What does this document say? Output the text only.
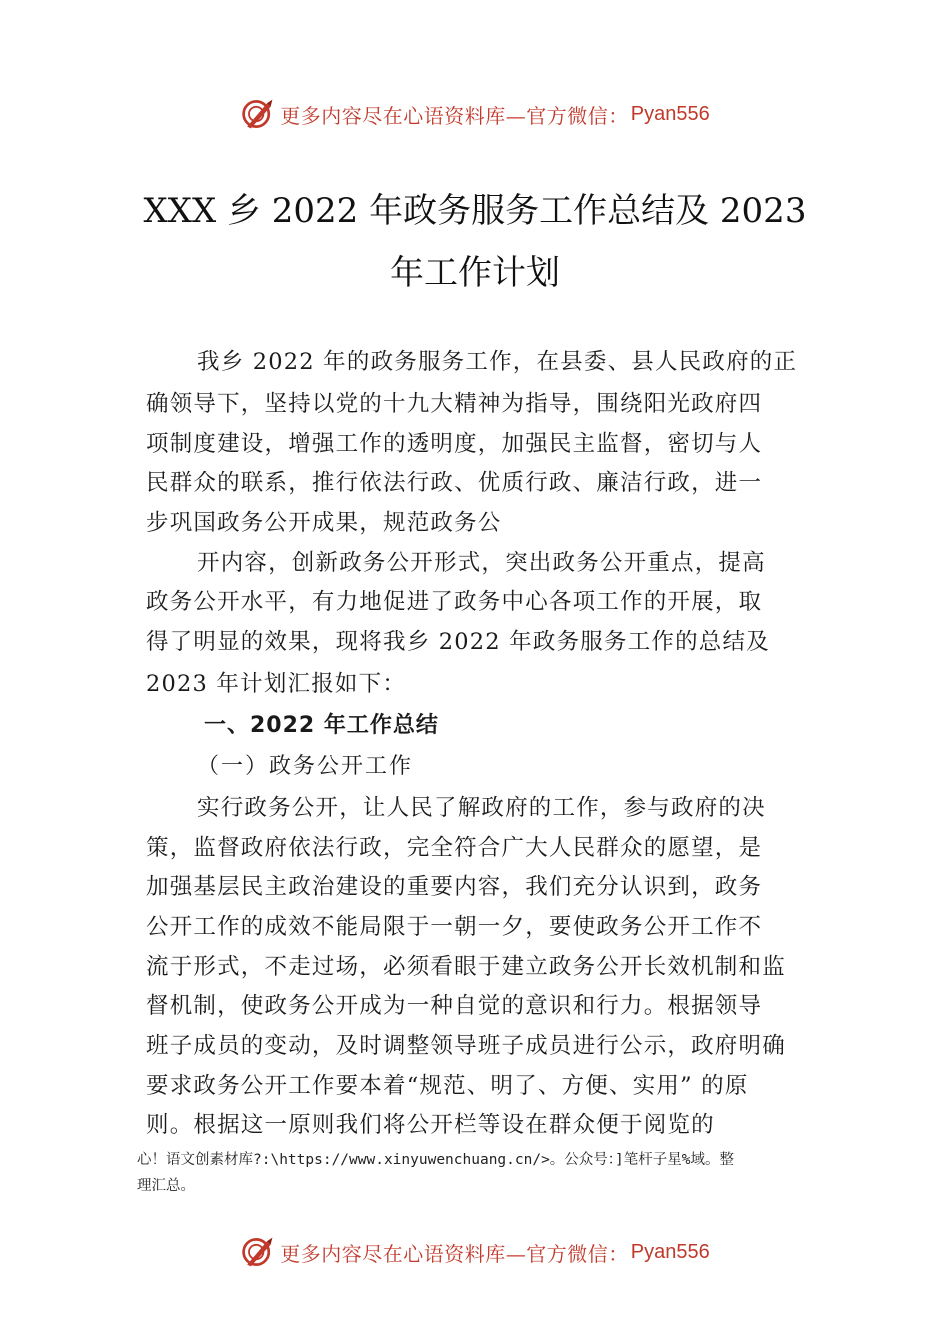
更多内容尽在心语资料库—官方微信： Pyan556
XXX 乡 2022 年政务服务工作总结及 2023
年工作计划
我乡 2022 年的政务服务工作，在县委、县人民政府的正
确领导下，坚持以党的十九大精神为指导，围绕阳光政府四
项制度建设，增强工作的透明度，加强民主监督，密切与人
民群众的联系，推行依法行政、优质行政、廉洁行政，进一
步巩国政务公开成果，规范政务公
开内容，创新政务公开形式，突出政务公开重点，提高
政务公开水平，有力地促进了政务中心各项工作的开展，取
得了明显的效果，现将我乡 2022 年政务服务工作的总结及
2023 年计划汇报如下：
一、2022 年工作总结
（一）政务公开工作
实行政务公开，让人民了解政府的工作，参与政府的决
策，监督政府依法行政，完全符合广大人民群众的愿望，是
加强基层民主政治建设的重要内容，我们充分认识到，政务
公开工作的成效不能局限于一朝一夕，要使政务公开工作不
流于形式，不走过场，必须看眼于建立政务公开长效机制和监
督机制，使政务公开成为一种自觉的意识和行力。根据领导
班子成员的变动，及时调整领导班子成员进行公示，政府明确
要求政务公开工作要本着“规范、明了、方便、实用” 的原
则。根据这一原则我们将公开栏等设在群众便于阅览的
心！语文创素材库?:\https://www.xinyuwenchuang.cn/>。公众号：]笔杆子星%域。整
理汇总。
更多内容尽在心语资料库—官方微信： Pyan556
